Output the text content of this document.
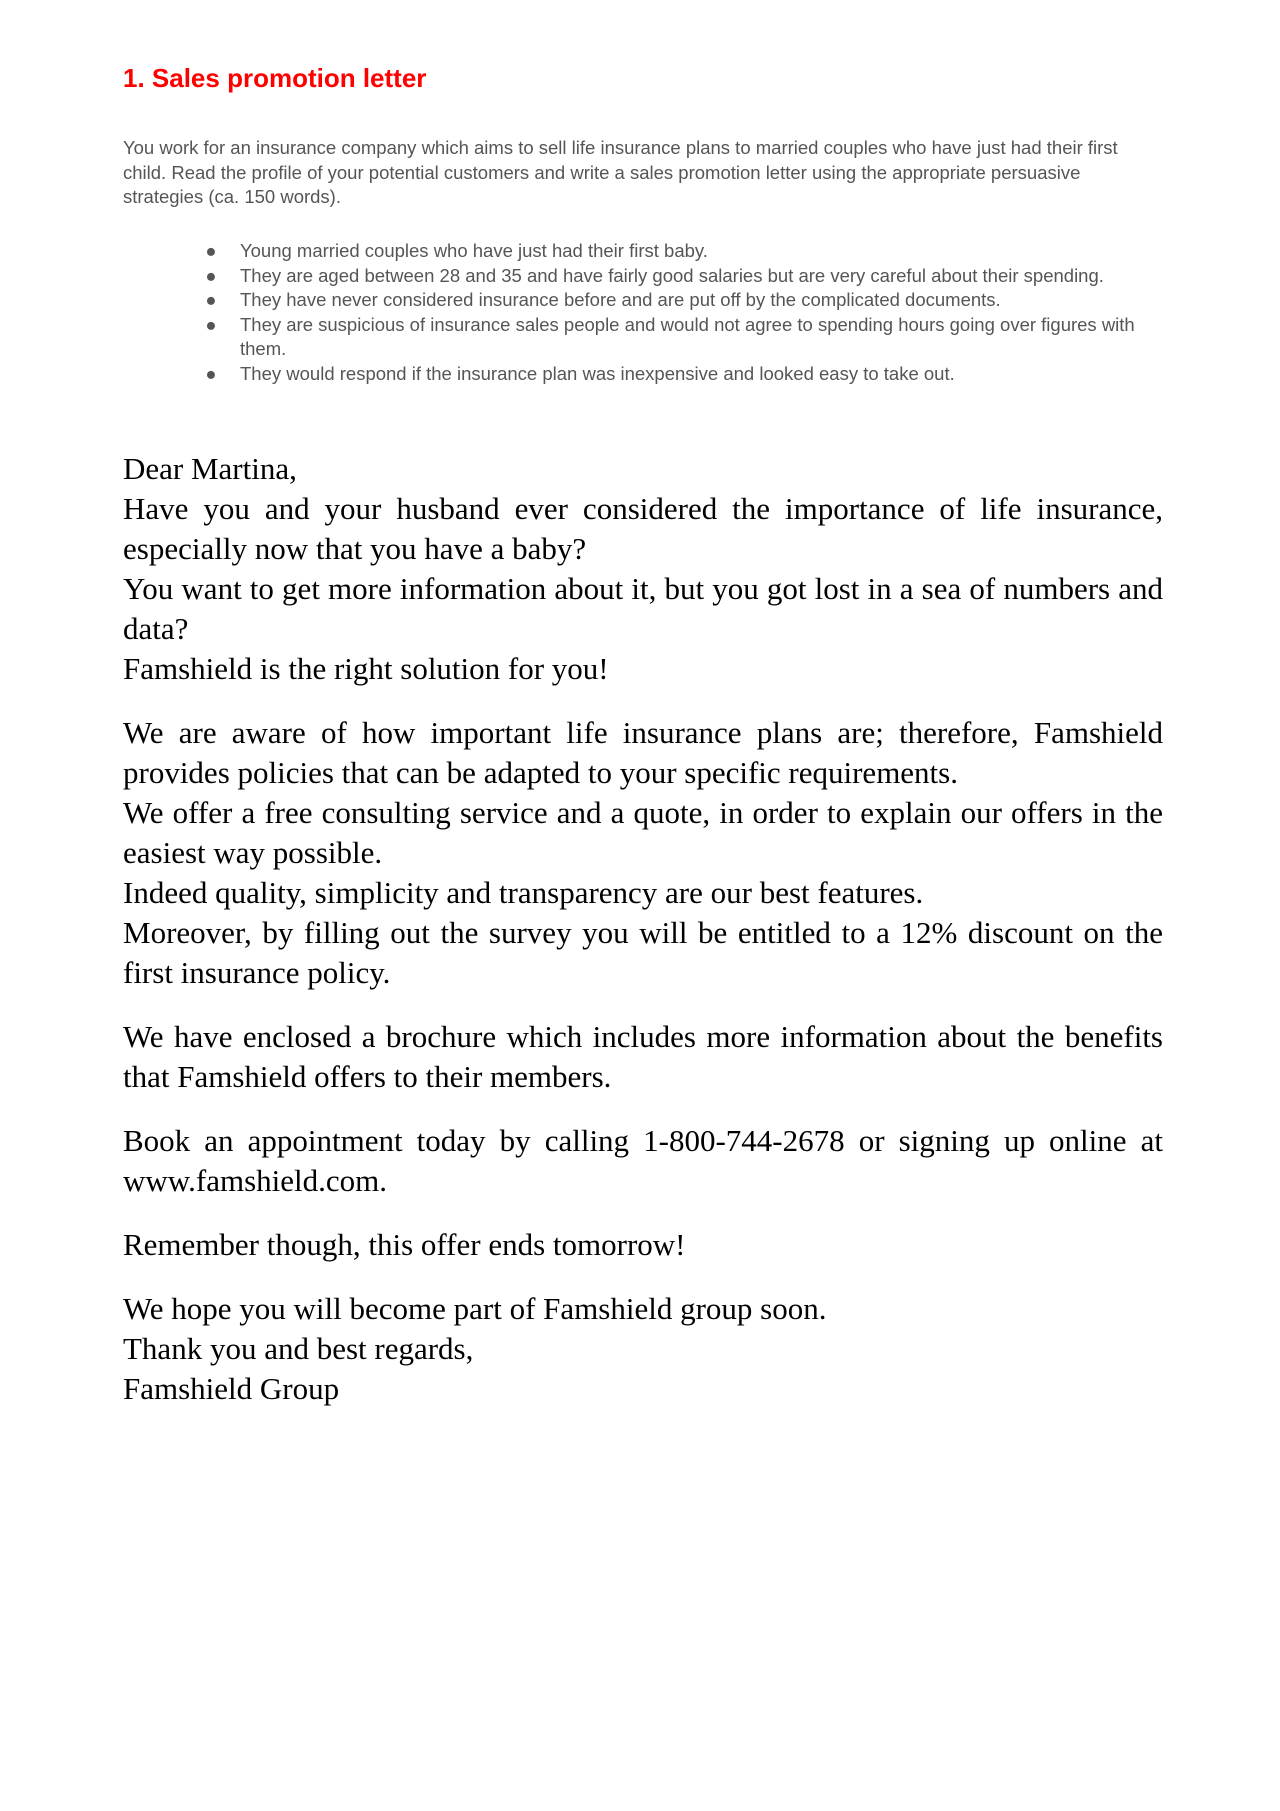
1. Sales promotion letter

You work for an insurance company which aims to sell life insurance plans to married couples who have just had their first child. Read the profile of your potential customers and write a sales promotion letter using the appropriate persuasive strategies (ca. 150 words).

● Young married couples who have just had their first baby.
● They are aged between 28 and 35 and have fairly good salaries but are very careful about their spending.
● They have never considered insurance before and are put off by the complicated documents.
● They are suspicious of insurance sales people and would not agree to spending hours going over figures with them.
● They would respond if the insurance plan was inexpensive and looked easy to take out.

Dear Martina,

Have you and your husband ever considered the importance of life insurance, especially now that you have a baby?

You want to get more information about it, but you got lost in a sea of numbers and data?

Famshield is the right solution for you!

We are aware of how important life insurance plans are; therefore, Famshield provides policies that can be adapted to your specific requirements.

We offer a free consulting service and a quote, in order to explain our offers in the easiest way possible.

Indeed quality, simplicity and transparency are our best features.

Moreover, by filling out the survey you will be entitled to a 12% discount on the first insurance policy.

We have enclosed a brochure which includes more information about the benefits that Famshield offers to their members.

Book an appointment today by calling 1-800-744-2678 or signing up online at www.famshield.com.

Remember though, this offer ends tomorrow!

We hope you will become part of Famshield group soon.

Thank you and best regards,

Famshield Group
